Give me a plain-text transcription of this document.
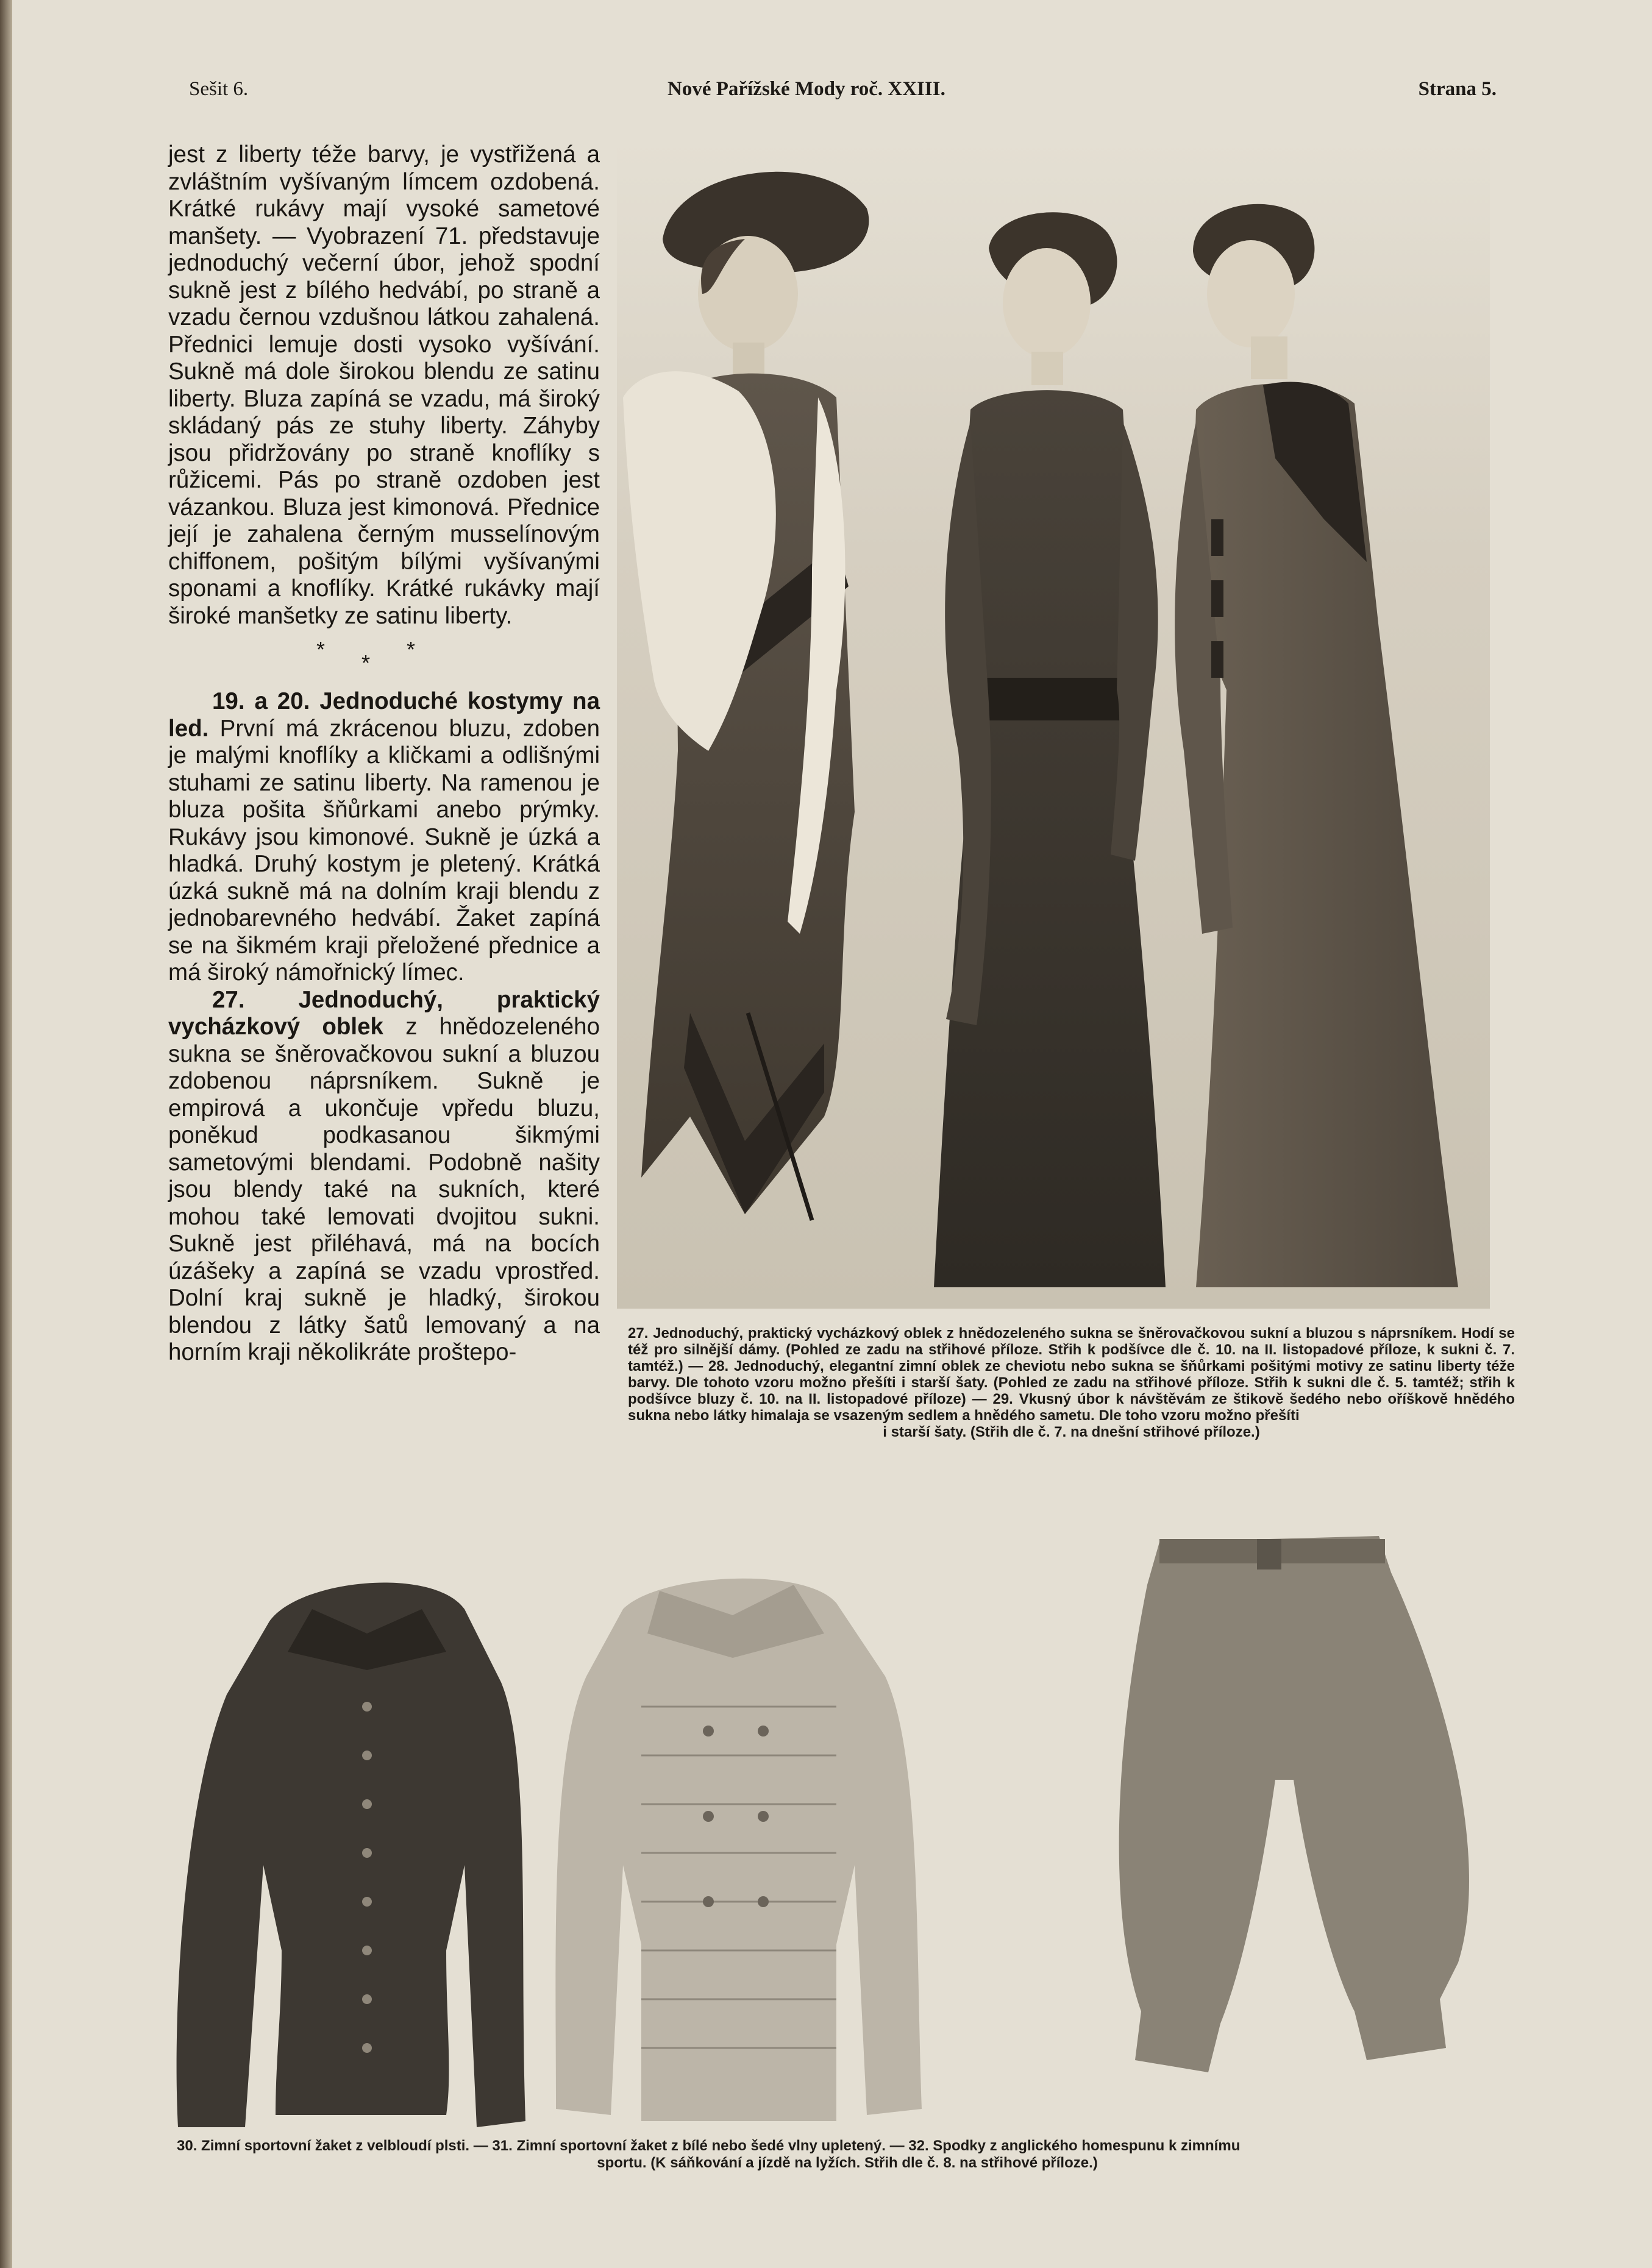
Sešit 6.	Nové Pařížské Mody roč. XXIII.	Strana 5.

jest z liberty téže barvy, je vystřižená a zvláštním vyšívaným límcem ozdobená. Krátké rukávy mají vysoké sametové manšety. — Vyobrazení 71. představuje jednoduchý večerní úbor, jehož spodní sukně jest z bílého hedvábí, po straně a vzadu černou vzdušnou látkou zahalená. Přednici lemuje dosti vysoko vyšívání. Sukně má dole širokou blendu ze satinu liberty. Bluza zapíná se vzadu, má široký skládaný pás ze stuhy liberty. Záhyby jsou přidržovány po straně knoflíky s růžicemi. Pás po straně ozdoben jest vázankou. Bluza jest kimonová. Přednice její je zahalena černým musselínovým chiffonem, pošitým bílými vyšívanými sponami a knoflíky. Krátké rukávky mají široké manšetky ze satinu liberty.

***

19. a 20. Jednoduché kostymy na led. První má zkrácenou bluzu, zdoben je malými knoflíky a kličkami a odlišnými stuhami ze satinu liberty. Na ramenou je bluza pošita šňůrkami anebo prýmky. Rukávy jsou kimonové. Sukně je úzká a hladká. Druhý kostym je pletený. Krátká úzká sukně má na dolním kraji blendu z jednobarevného hedvábí. Žaket zapíná se na šikmém kraji přeložené přednice a má široký námořnický límec.

27. Jednoduchý, praktický vycházkový oblek z hnědozeleného sukna se šněrovačkovou sukní a bluzou zdobenou náprsníkem. Sukně je empirová a ukončuje vpředu bluzu, poněkud podkasanou šikmými sametovými blendami. Podobně našity jsou blendy také na sukních, které mohou také lemovati dvojitou sukni. Sukně jest přiléhavá, má na bocích úzášeky a zapíná se vzadu vprostřed. Dolní kraj sukně je hladký, širokou blendou z látky šatů lemovaný a na horním kraji několikráte proštepo-

27. Jednoduchý, praktický vycházkový oblek z hnědozeleného sukna se šněrovačkovou sukní a bluzou s náprsníkem. Hodí se též pro silnější dámy. (Pohled ze zadu na střihové příloze. Střih k podšívce dle č. 10. na II. listopadové příloze, k sukni č. 7. tamtéž.) — 28. Jednoduchý, elegantní zimní oblek ze cheviotu nebo sukna se šňůrkami pošitými motivy ze satinu liberty téže barvy. Dle tohoto vzoru možno přešíti i starší šaty. (Pohled ze zadu na střihové příloze. Střih k sukni dle č. 5. tamtéž; střih k podšívce bluzy č. 10. na II. listopadové příloze) — 29. Vkusný úbor k návštěvám ze štikově šedého nebo oříškově hnědého sukna nebo látky himalaja se vsazeným sedlem a hnědého sametu. Dle toho vzoru možno přešíti
i starší šaty. (Střih dle č. 7. na dnešní střihové příloze.)
30. Zimní sportovní žaket z velbloudí plsti. — 31. Zimní sportovní žaket z bílé nebo šedé vlny upletený. — 32. Spodky z anglického homespunu k zimnímu
sportu. (K sáňkování a jízdě na lyžích. Střih dle č. 8. na střihové příloze.)
